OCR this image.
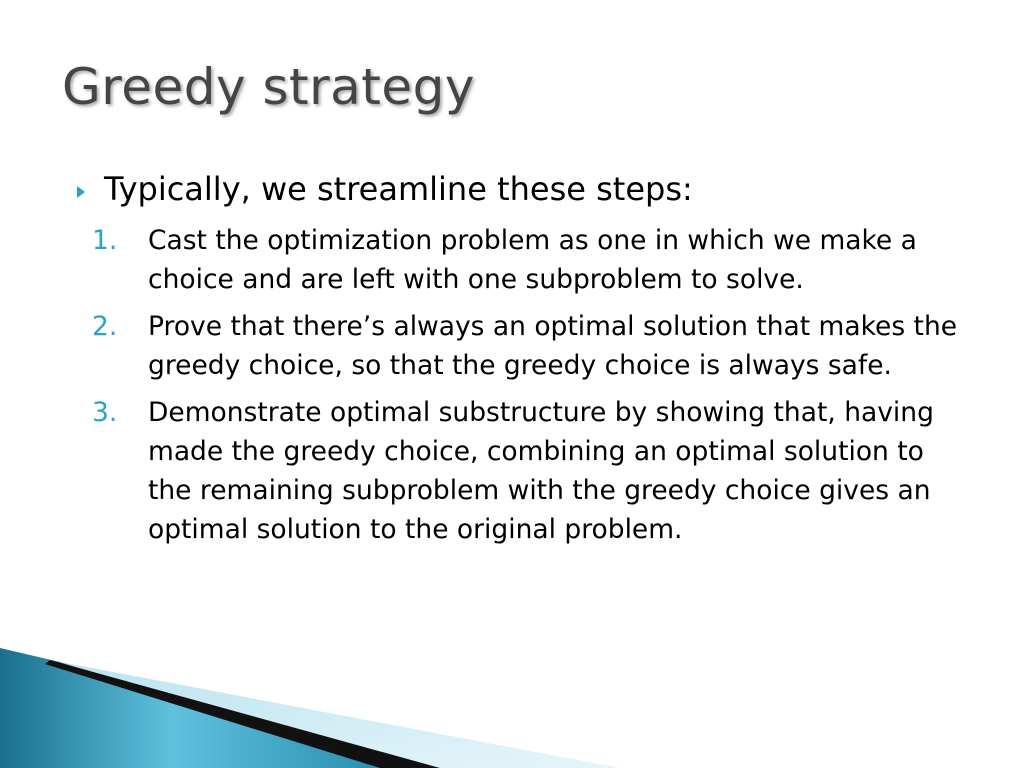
Greedy strategy
Typically, we streamline these steps:
1. Cast the optimization problem as one in which we make a choice and are left with one subproblem to solve.
2. Prove that there’s always an optimal solution that makes the greedy choice, so that the greedy choice is always safe.
3. Demonstrate optimal substructure by showing that, having made the greedy choice, combining an optimal solution to the remaining subproblem with the greedy choice gives an optimal solution to the original problem.
